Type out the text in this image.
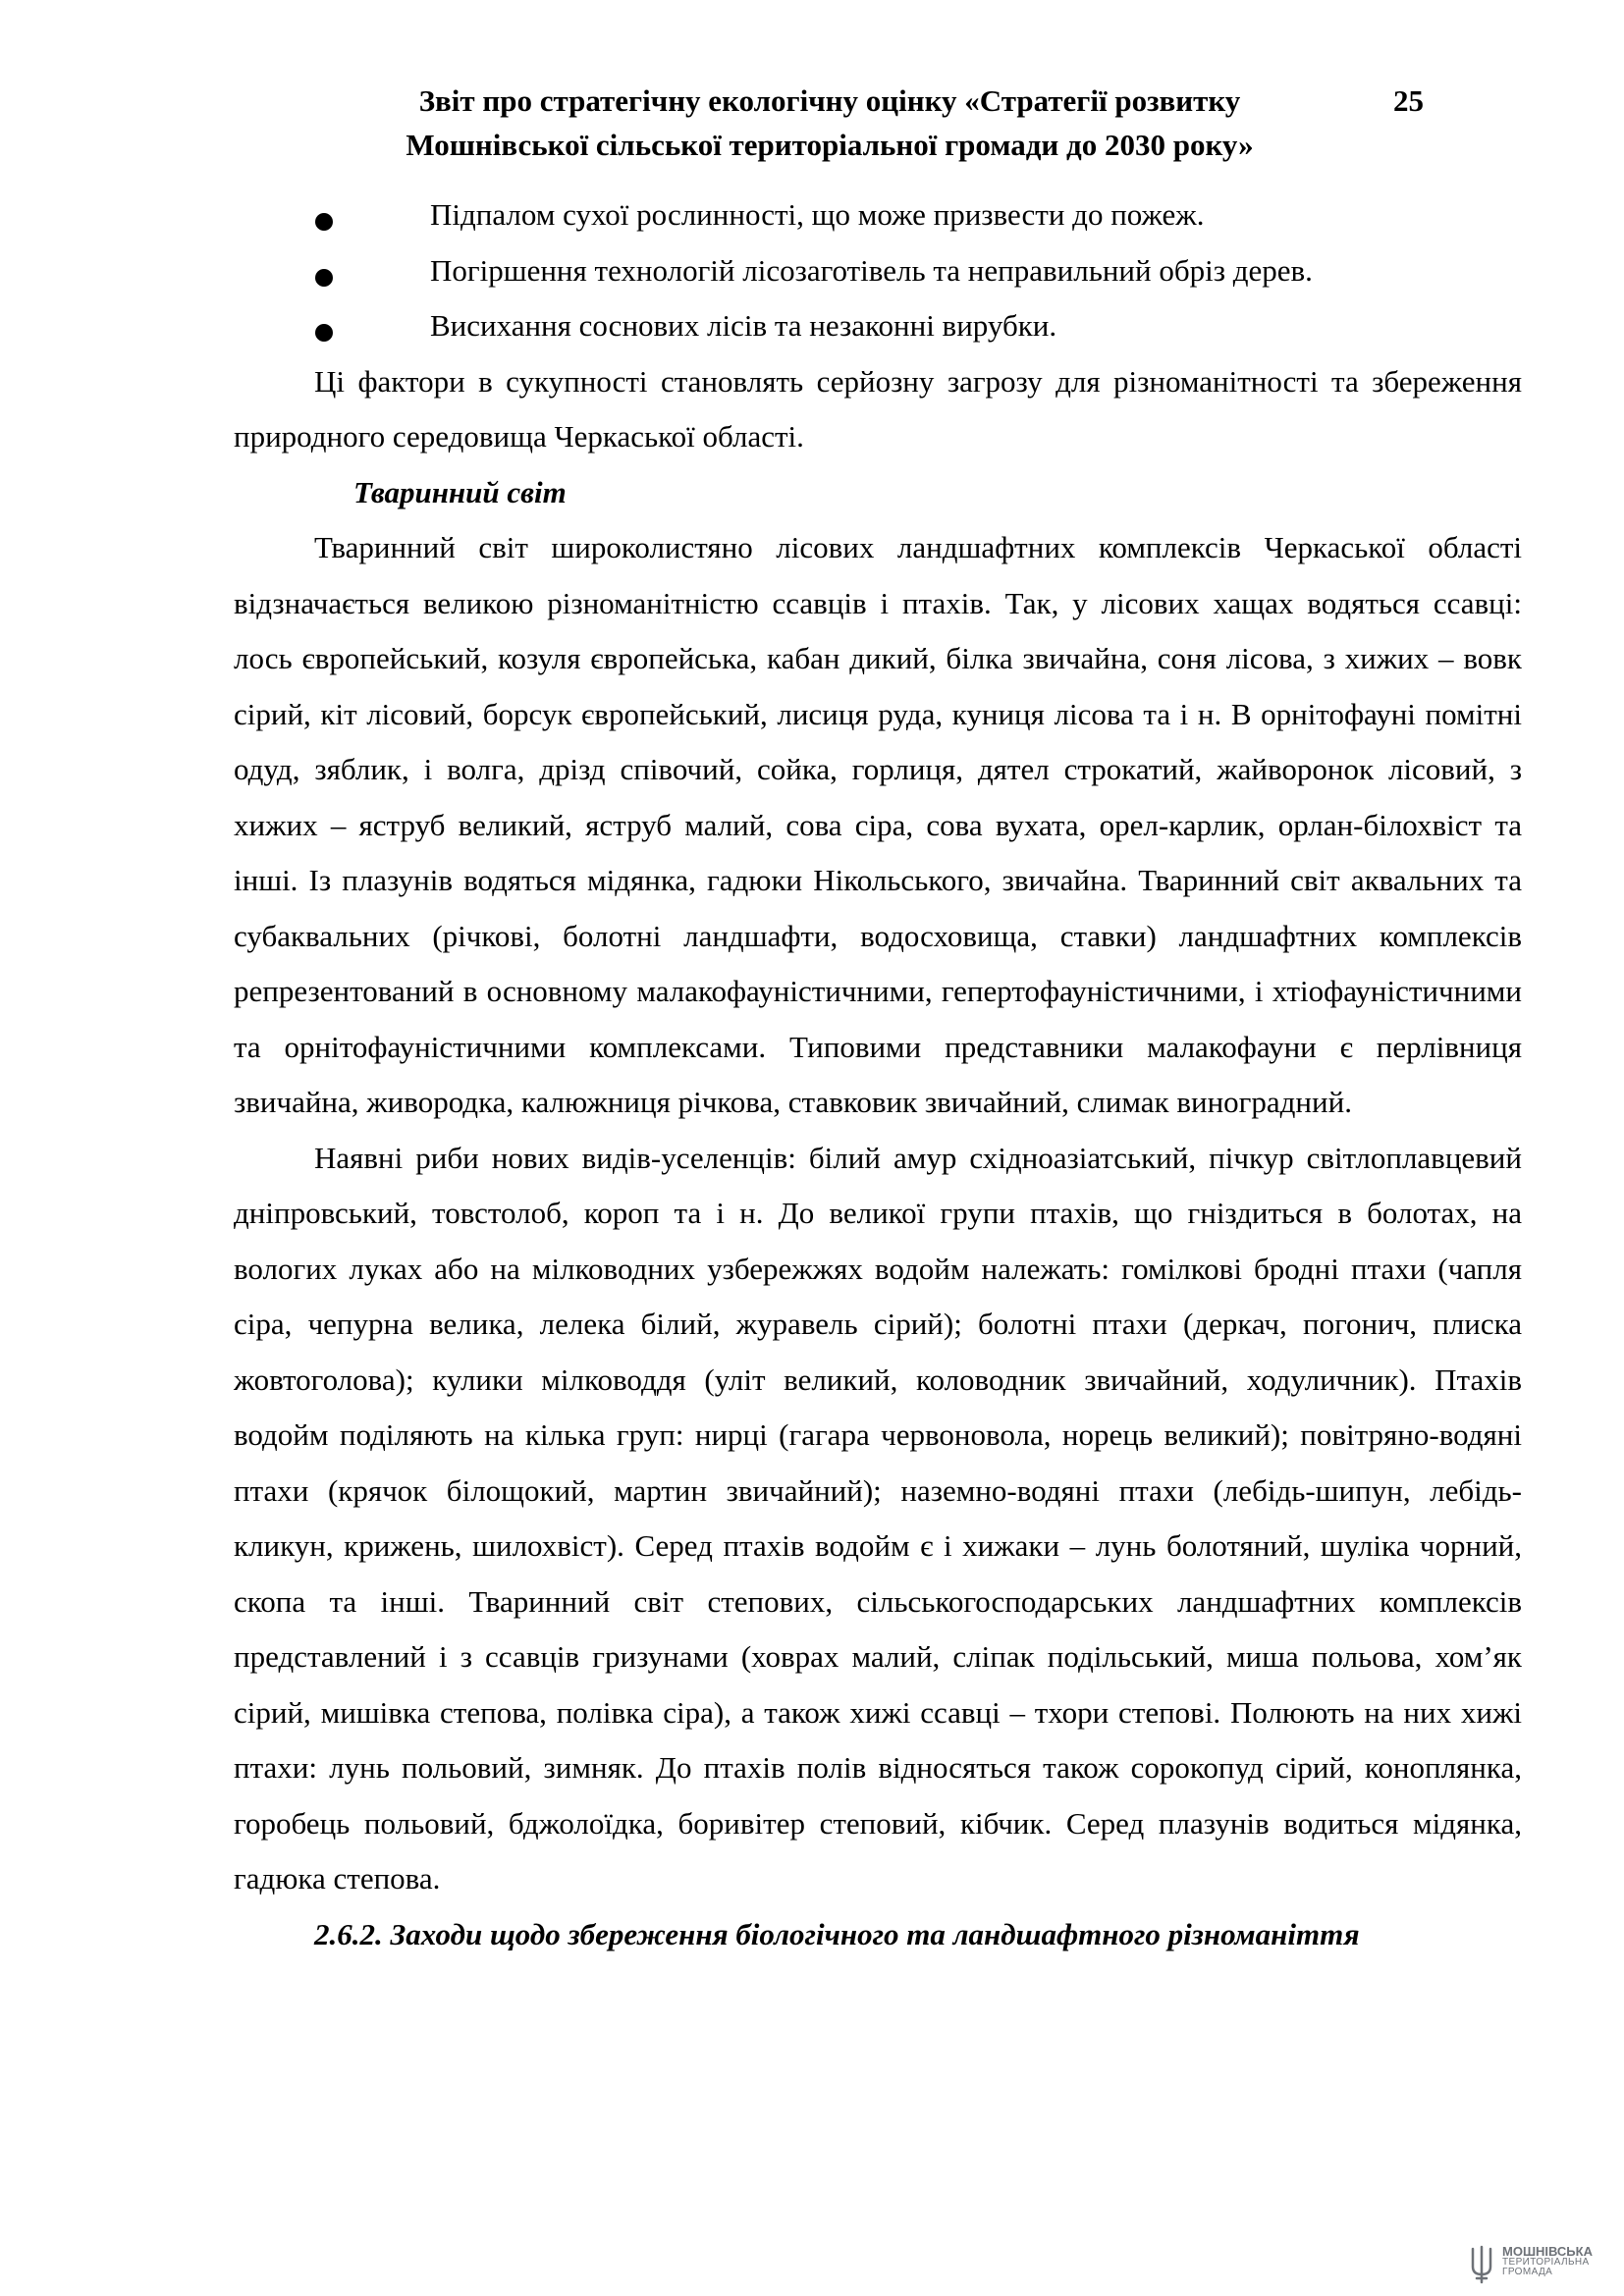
Звіт про стратегічну екологічну оцінку «Стратегії розвитку
Мошнівської сільської територіальної громади до 2030 року»
25
Підпалом сухої рослинності, що може призвести до пожеж.
Погіршення технологій лісозаготівель та неправильний обріз дерев.
Висихання соснових лісів та незаконні вирубки.

Ці фактори в сукупності становлять серйозну загрозу для різноманітності та збереження природного середовища Черкаської області.

Тваринний світ

Тваринний світ широколистяно лісових ландшафтних комплексів Черкаської області відзначається великою різноманітністю ссавців і птахів. Так, у лісових хащах водяться ссавці: лось європейський, козуля європейська, кабан дикий, білка звичайна, соня лісова, з хижих – вовк сірий, кіт лісовий, борсук європейський, лисиця руда, куниця лісова та і н. В орнітофауні помітні одуд, зяблик, і волга, дрізд співочий, сойка, горлиця, дятел строкатий, жайворонок лісовий, з хижих – яструб великий, яструб малий, сова сіра, сова вухата, орел-карлик, орлан-білохвіст та інші. Із плазунів водяться мідянка, гадюки Нікольського, звичайна. Тваринний світ аквальних та субаквальних (річкові, болотні ландшафти, водосховища, ставки) ландшафтних комплексів репрезентований в основному малакофауністичними, гепертофауністичними, і хтіофауністичними та орнітофауністичними комплексами. Типовими представники малакофауни є перлівниця звичайна, живородка, калюжниця річкова, ставковик звичайний, слимак виноградний.

Наявні риби нових видів-уселенців: білий амур східноазіатський, пічкур світлоплавцевий дніпровський, товстолоб, короп та і н. До великої групи птахів, що гніздиться в болотах, на вологих луках або на мілководних узбережжях водойм належать: гомілкові бродні птахи (чапля сіра, чепурна велика, лелека білий, журавель сірий); болотні птахи (деркач, погонич, плиска жовтоголова); кулики мілководдя (уліт великий, коловодник звичайний, ходуличник). Птахів водойм поділяють на кілька груп: нирці (гагара червоновола, норець великий); повітряно-водяні птахи (крячок білощокий, мартин звичайний); наземно-водяні птахи (лебідь-шипун, лебідь-кликун, крижень, шилохвіст). Серед птахів водойм є і хижаки – лунь болотяний, шуліка чорний, скопа та інші. Тваринний світ степових, сільськогосподарських ландшафтних комплексів представлений і з ссавців гризунами (ховрах малий, сліпак подільський, миша польова, хом’як сірий, мишівка степова, полівка сіра), а також хижі ссавці – тхори степові. Полюють на них хижі птахи: лунь польовий, зимняк. До птахів полів відносяться також сорокопуд сірий, коноплянка, горобець польовий, бджолоїдка, боривітер степовий, кібчик. Серед плазунів водиться мідянка, гадюка степова.

2.6.2. Заходи щодо збереження біологічного та ландшафтного різноманіття

МОШНІВСЬКА
ТЕРИТОРІАЛЬНА
ГРОМАДА
